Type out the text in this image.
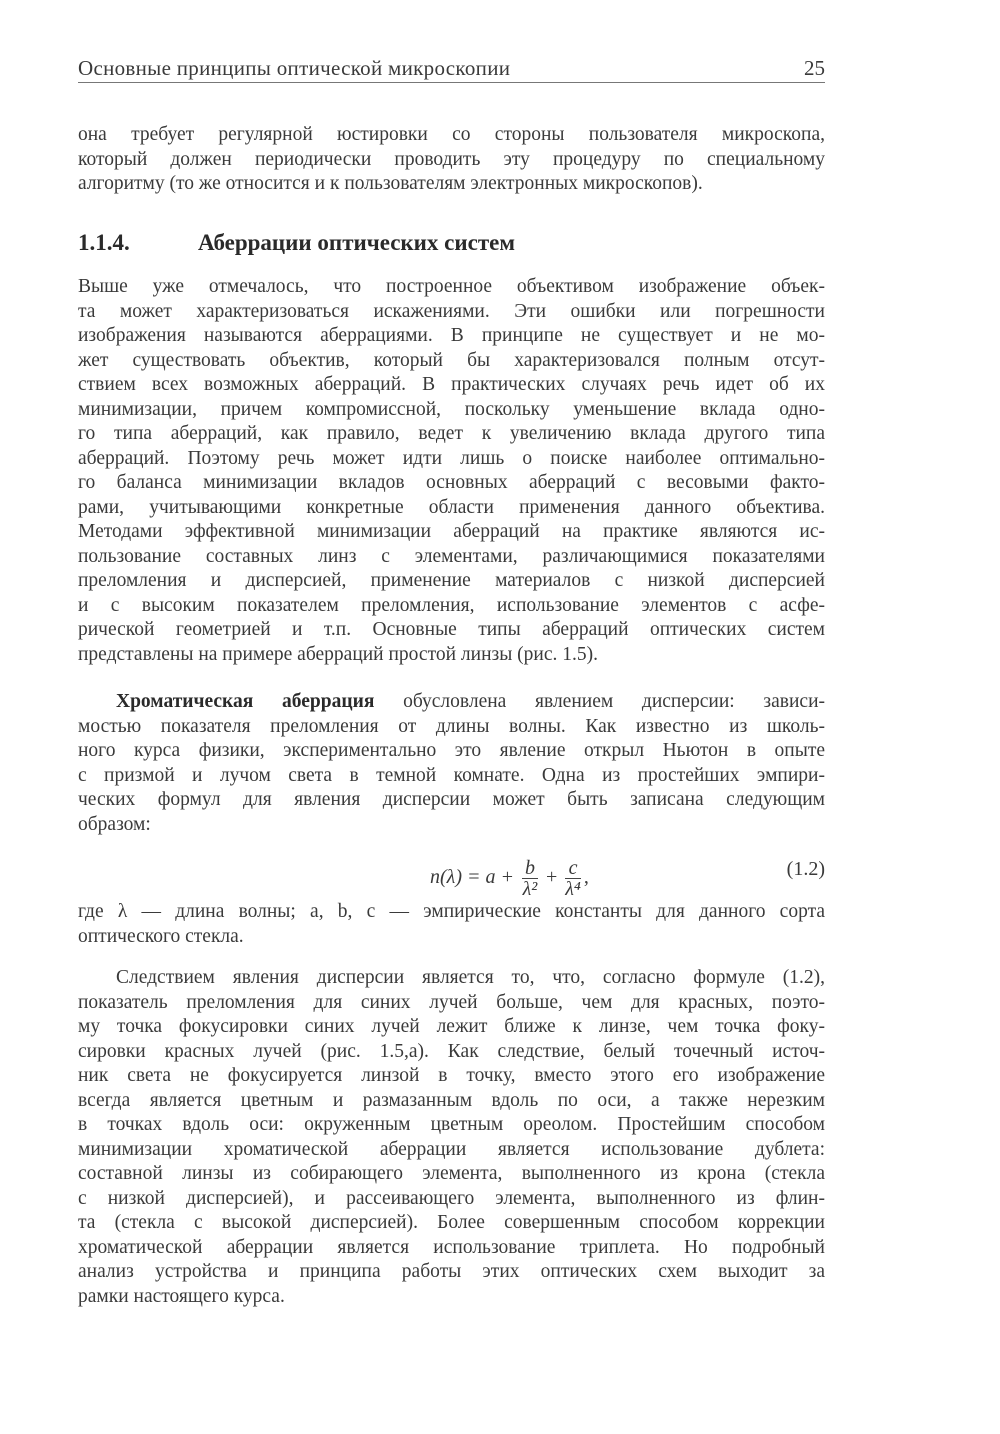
Основные принципы оптической микроскопии	25
она требует регулярной юстировки со стороны пользователя микроскопа,
который должен периодически проводить эту процедуру по специальному
алгоритму (то же относится и к пользователям электронных микроскопов).
1.1.4.	Аберрации оптических систем
Выше уже отмечалось, что построенное объективом изображение объек-
та может характеризоваться искажениями. Эти ошибки или погрешности
изображения называются аберрациями. В принципе не существует и не мо-
жет существовать объектив, который бы характеризовался полным отсут-
ствием всех возможных аберраций. В практических случаях речь идет об их
минимизации, причем компромиссной, поскольку уменьшение вклада одно-
го типа аберраций, как правило, ведет к увеличению вклада другого типа
аберраций. Поэтому речь может идти лишь о поиске наиболее оптимально-
го баланса минимизации вкладов основных аберраций с весовыми факто-
рами, учитывающими конкретные области применения данного объектива.
Методами эффективной минимизации аберраций на практике являются ис-
пользование составных линз с элементами, различающимися показателями
преломления и дисперсией, применение материалов с низкой дисперсией
и с высоким показателем преломления, использование элементов с асфе-
рической геометрией и т.п. Основные типы аберраций оптических систем
представлены на примере аберраций простой линзы (рис. 1.5).
Хроматическая аберрация обусловлена явлением дисперсии: зависи-
мостью показателя преломления от длины волны. Как известно из школь-
ного курса физики, экспериментально это явление открыл Ньютон в опыте
с призмой и лучом света в темной комнате. Одна из простейших эмпири-
ческих формул для явления дисперсии может быть записана следующим
образом:
$n(\lambda) = a + \frac{b}{\text{λ²}} + \frac{c}{\text{λ⁴}}$ ,	(1.2)
где λ — длина волны; a, b, c — эмпирические константы для данного сорта
оптического стекла.
Следствием явления дисперсии является то, что, согласно формуле (1.2),
показатель преломления для синих лучей больше, чем для красных, поэто-
му точка фокусировки синих лучей лежит ближе к линзе, чем точка фоку-
сировки красных лучей (рис. 1.5,а). Как следствие, белый точечный источ-
ник света не фокусируется линзой в точку, вместо этого его изображение
всегда является цветным и размазанным вдоль по оси, а также нерезким
в точках вдоль оси: окруженным цветным ореолом. Простейшим способом
минимизации хроматической аберрации является использование дублета:
составной линзы из собирающего элемента, выполненного из крона (стекла
с низкой дисперсией), и рассеивающего элемента, выполненного из флин-
та (стекла с высокой дисперсией). Более совершенным способом коррекции
хроматической аберрации является использование триплета. Но подробный
анализ устройства и принципа работы этих оптических схем выходит за
рамки настоящего курса.
